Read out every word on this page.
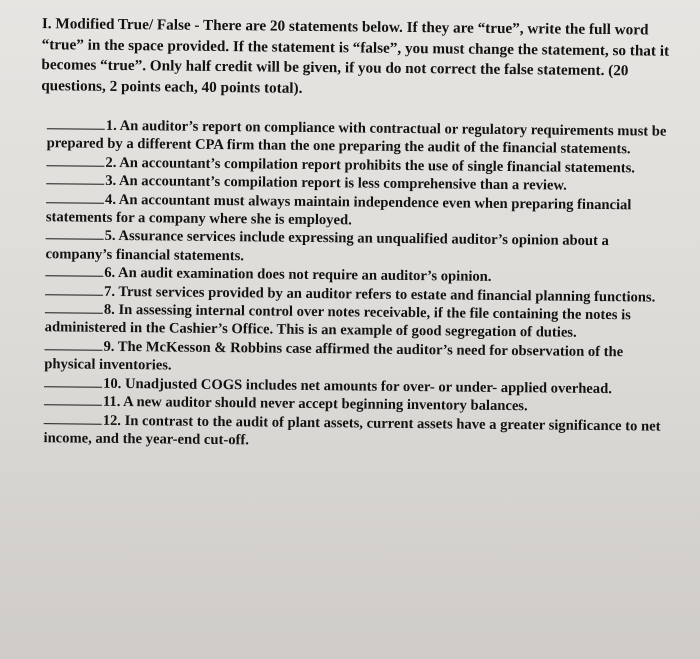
I. Modified True/ False - There are 20 statements below. If they are “true”, write the full word “true” in the space provided. If the statement is “false”, you must change the statement, so that it becomes “true”. Only half credit will be given, if you do not correct the false statement. (20 questions, 2 points each, 40 points total).

1. An auditor’s report on compliance with contractual or regulatory requirements must be
prepared by a different CPA firm than the one preparing the audit of the financial statements.

2. An accountant’s compilation report prohibits the use of single financial statements.

3. An accountant’s compilation report is less comprehensive than a review.

4. An accountant must always maintain independence even when preparing financial
statements for a company where she is employed.

5. Assurance services include expressing an unqualified auditor’s opinion about a
company’s financial statements.

6. An audit examination does not require an auditor’s opinion.

7. Trust services provided by an auditor refers to estate and financial planning functions.

8. In assessing internal control over notes receivable, if the file containing the notes is
administered in the Cashier’s Office. This is an example of good segregation of duties.

9. The McKesson & Robbins case affirmed the auditor’s need for observation of the
physical inventories.

10. Unadjusted COGS includes net amounts for over- or under- applied overhead.

11. A new auditor should never accept beginning inventory balances.

12. In contrast to the audit of plant assets, current assets have a greater significance to net
income, and the year-end cut-off.
